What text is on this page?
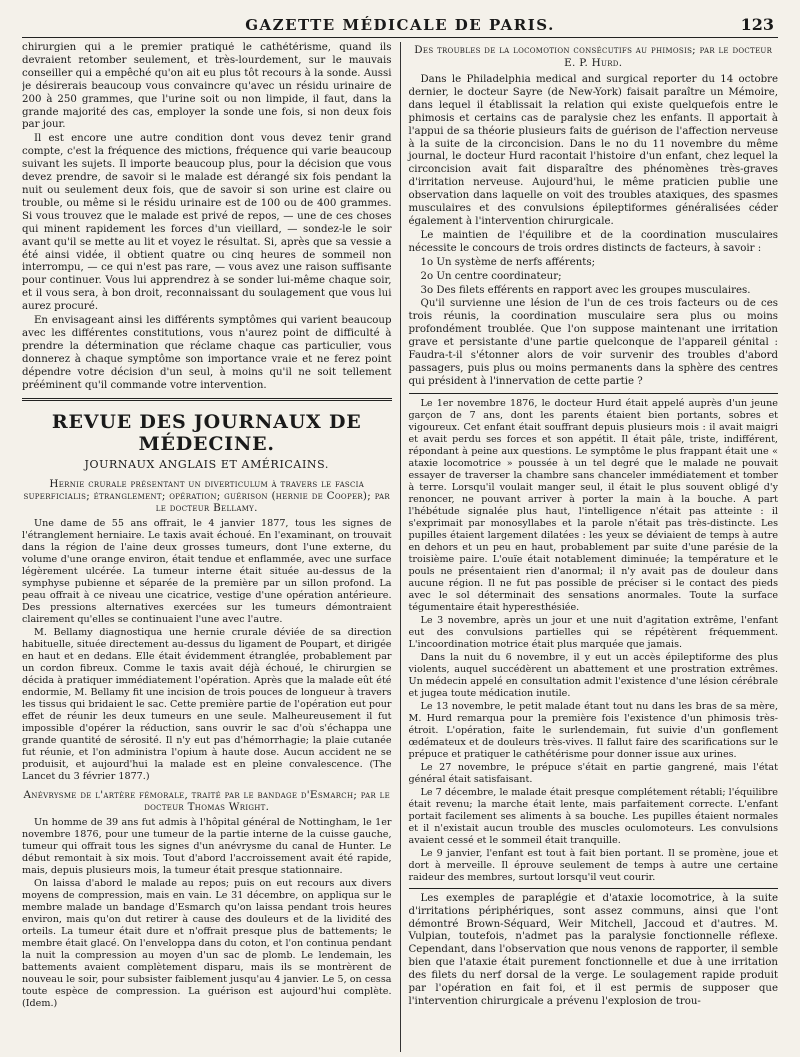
GAZETTE MÉDICALE DE PARIS.	123

chirurgien qui a le premier pratiqué le cathétérisme, quand ils devraient retomber seulement, et très-lourdement, sur le mauvais conseiller qui a empêché qu'on ait eu plus tôt recours à la sonde. Aussi je désirerais beaucoup vous convaincre qu'avec un résidu urinaire de 200 à 250 grammes, que l'urine soit ou non limpide, il faut, dans la grande majorité des cas, employer la sonde une fois, si non deux fois par jour.

Il est encore une autre condition dont vous devez tenir grand compte, c'est la fréquence des mictions, fréquence qui varie beaucoup suivant les sujets. Il importe beaucoup plus, pour la décision que vous devez prendre, de savoir si le malade est dérangé six fois pendant la nuit ou seulement deux fois, que de savoir si son urine est claire ou trouble, ou même si le résidu urinaire est de 100 ou de 400 grammes. Si vous trouvez que le malade est privé de repos, — une de ces choses qui minent rapidement les forces d'un vieillard, — sondez-le le soir avant qu'il se mette au lit et voyez le résultat. Si, après que sa vessie a été ainsi vidée, il obtient quatre ou cinq heures de sommeil non interrompu, — ce qui n'est pas rare, — vous avez une raison suffisante pour continuer. Vous lui apprendrez à se sonder lui-même chaque soir, et il vous sera, à bon droit, reconnaissant du soulagement que vous lui aurez procuré.

En envisageant ainsi les différents symptômes qui varient beaucoup avec les différentes constitutions, vous n'aurez point de difficulté à prendre la détermination que réclame chaque cas particulier, vous donnerez à chaque symptôme son importance vraie et ne ferez point dépendre votre décision d'un seul, à moins qu'il ne soit tellement prééminent qu'il commande votre intervention.

REVUE DES JOURNAUX DE MÉDECINE.
JOURNAUX ANGLAIS ET AMÉRICAINS.
Hernie crurale présentant un diverticulum à travers le fascia superficialis; étranglement; opération; guérison (hernie de Cooper); par le docteur Bellamy.

Une dame de 55 ans offrait, le 4 janvier 1877, tous les signes de l'étranglement herniaire. Le taxis avait échoué. En l'examinant, on trouvait dans la région de l'aine deux grosses tumeurs, dont l'une externe, du volume d'une orange environ, était tendue et enflammée, avec une surface légèrement ulcérée. La tumeur interne était située au-dessus de la symphyse pubienne et séparée de la première par un sillon profond. La peau offrait à ce niveau une cicatrice, vestige d'une opération antérieure. Des pressions alternatives exercées sur les tumeurs démontraient clairement qu'elles se continuaient l'une avec l'autre.

M. Bellamy diagnostiqua une hernie crurale déviée de sa direction habituelle, située directement au-dessus du ligament de Poupart, et dirigée en haut et en dedans. Elle était évidemment étranglée, probablement par un cordon fibreux. Comme le taxis avait déjà échoué, le chirurgien se décida à pratiquer immédiatement l'opération. Après que la malade eût été endormie, M. Bellamy fit une incision de trois pouces de longueur à travers les tissus qui bridaient le sac. Cette première partie de l'opération eut pour effet de réunir les deux tumeurs en une seule. Malheureusement il fut impossible d'opérer la réduction, sans ouvrir le sac d'où s'échappa une grande quantité de sérosité. Il n'y eut pas d'hémorrhagie; la plaie cutanée fut réunie, et l'on administra l'opium à haute dose. Aucun accident ne se produisit, et aujourd'hui la malade est en pleine convalescence. (The Lancet du 3 février 1877.)

Anévrysme de l'artère fémorale, traité par le bandage d'Esmarch; par le docteur Thomas Wright.

Un homme de 39 ans fut admis à l'hôpital général de Nottingham, le 1er novembre 1876, pour une tumeur de la partie interne de la cuisse gauche, tumeur qui offrait tous les signes d'un anévrysme du canal de Hunter. Le début remontait à six mois. Tout d'abord l'accroissement avait été rapide, mais, depuis plusieurs mois, la tumeur était presque stationnaire.

On laissa d'abord le malade au repos; puis on eut recours aux divers moyens de compression, mais en vain. Le 31 décembre, on appliqua sur le membre malade un bandage d'Esmarch qu'on laissa pendant trois heures environ, mais qu'on dut retirer à cause des douleurs et de la lividité des orteils. La tumeur était dure et n'offrait presque plus de battements; le membre était glacé. On l'enveloppa dans du coton, et l'on continua pendant la nuit la compression au moyen d'un sac de plomb. Le lendemain, les battements avaient complètement disparu, mais ils se montrèrent de nouveau le soir, pour subsister faiblement jusqu'au 4 janvier. Le 5, on cessa toute espèce de compression. La guérison est aujourd'hui complète. (Idem.)

Des troubles de la locomotion consécutifs au phimosis; par le docteur E. P. Hurd.

Dans le Philadelphia medical and surgical reporter du 14 octobre dernier, le docteur Sayre (de New-York) faisait paraître un Mémoire, dans lequel il établissait la relation qui existe quelquefois entre le phimosis et certains cas de paralysie chez les enfants. Il apportait à l'appui de sa théorie plusieurs faits de guérison de l'affection nerveuse à la suite de la circoncision. Dans le no du 11 novembre du même journal, le docteur Hurd racontait l'histoire d'un enfant, chez lequel la circoncision avait fait disparaître des phénomènes très-graves d'irritation nerveuse. Aujourd'hui, le même praticien publie une observation dans laquelle on voit des troubles ataxiques, des spasmes musculaires et des convulsions épileptiformes généralisées céder également à l'intervention chirurgicale.

Le maintien de l'équilibre et de la coordination musculaires nécessite le concours de trois ordres distincts de facteurs, à savoir :

1o Un système de nerfs afférents;

2o Un centre coordinateur;

3o Des filets efférents en rapport avec les groupes musculaires.

Qu'il survienne une lésion de l'un de ces trois facteurs ou de ces trois réunis, la coordination musculaire sera plus ou moins profondément troublée. Que l'on suppose maintenant une irritation grave et persistante d'une partie quelconque de l'appareil génital : Faudra-t-il s'étonner alors de voir survenir des troubles d'abord passagers, puis plus ou moins permanents dans la sphère des centres qui président à l'innervation de cette partie ?

Le 1er novembre 1876, le docteur Hurd était appelé auprès d'un jeune garçon de 7 ans, dont les parents étaient bien portants, sobres et vigoureux. Cet enfant était souffrant depuis plusieurs mois : il avait maigri et avait perdu ses forces et son appétit. Il était pâle, triste, indifférent, répondant à peine aux questions. Le symptôme le plus frappant était une « ataxie locomotrice » poussée à un tel degré que le malade ne pouvait essayer de traverser la chambre sans chanceler immédiatement et tomber à terre. Lorsqu'il voulait manger seul, il était le plus souvent obligé d'y renoncer, ne pouvant arriver à porter la main à la bouche. A part l'hébétude signalée plus haut, l'intelligence n'était pas atteinte : il s'exprimait par monosyllabes et la parole n'était pas très-distincte. Les pupilles étaient largement dilatées : les yeux se déviaient de temps à autre en dehors et un peu en haut, probablement par suite d'une parésie de la troisième paire. L'ouïe était notablement diminuée; la température et le pouls ne présentaient rien d'anormal; il n'y avait pas de douleur dans aucune région. Il ne fut pas possible de préciser si le contact des pieds avec le sol déterminait des sensations anormales. Toute la surface tégumentaire était hyperesthésiée.

Le 3 novembre, après un jour et une nuit d'agitation extrême, l'enfant eut des convulsions partielles qui se répétèrent fréquemment. L'incoordination motrice était plus marquée que jamais.

Dans la nuit du 6 novembre, il y eut un accès épileptiforme des plus violents, auquel succédèrent un abattement et une prostration extrêmes. Un médecin appelé en consultation admit l'existence d'une lésion cérébrale et jugea toute médication inutile.

Le 13 novembre, le petit malade étant tout nu dans les bras de sa mère, M. Hurd remarqua pour la première fois l'existence d'un phimosis très-étroit. L'opération, faite le surlendemain, fut suivie d'un gonflement œdémateux et de douleurs très-vives. Il fallut faire des scarifications sur le prépuce et pratiquer le cathétérisme pour donner issue aux urines.

Le 27 novembre, le prépuce s'était en partie gangrené, mais l'état général était satisfaisant.

Le 7 décembre, le malade était presque complétement rétabli; l'équilibre était revenu; la marche était lente, mais parfaitement correcte. L'enfant portait facilement ses aliments à sa bouche. Les pupilles étaient normales et il n'existait aucun trouble des muscles oculomoteurs. Les convulsions avaient cessé et le sommeil était tranquille.

Le 9 janvier, l'enfant est tout à fait bien portant. Il se promène, joue et dort à merveille. Il éprouve seulement de temps à autre une certaine raideur des membres, surtout lorsqu'il veut courir.

Les exemples de paraplégie et d'ataxie locomotrice, à la suite d'irritations périphériques, sont assez communs, ainsi que l'ont démontré Brown-Séquard, Weir Mitchell, Jaccoud et d'autres. M. Vulpian, toutefois, n'admet pas la paralysie fonctionnelle réflexe. Cependant, dans l'observation que nous venons de rapporter, il semble bien que l'ataxie était purement fonctionnelle et due à une irritation des filets du nerf dorsal de la verge. Le soulagement rapide produit par l'opération en fait foi, et il est permis de supposer que l'intervention chirurgicale a prévenu l'explosion de trou-
